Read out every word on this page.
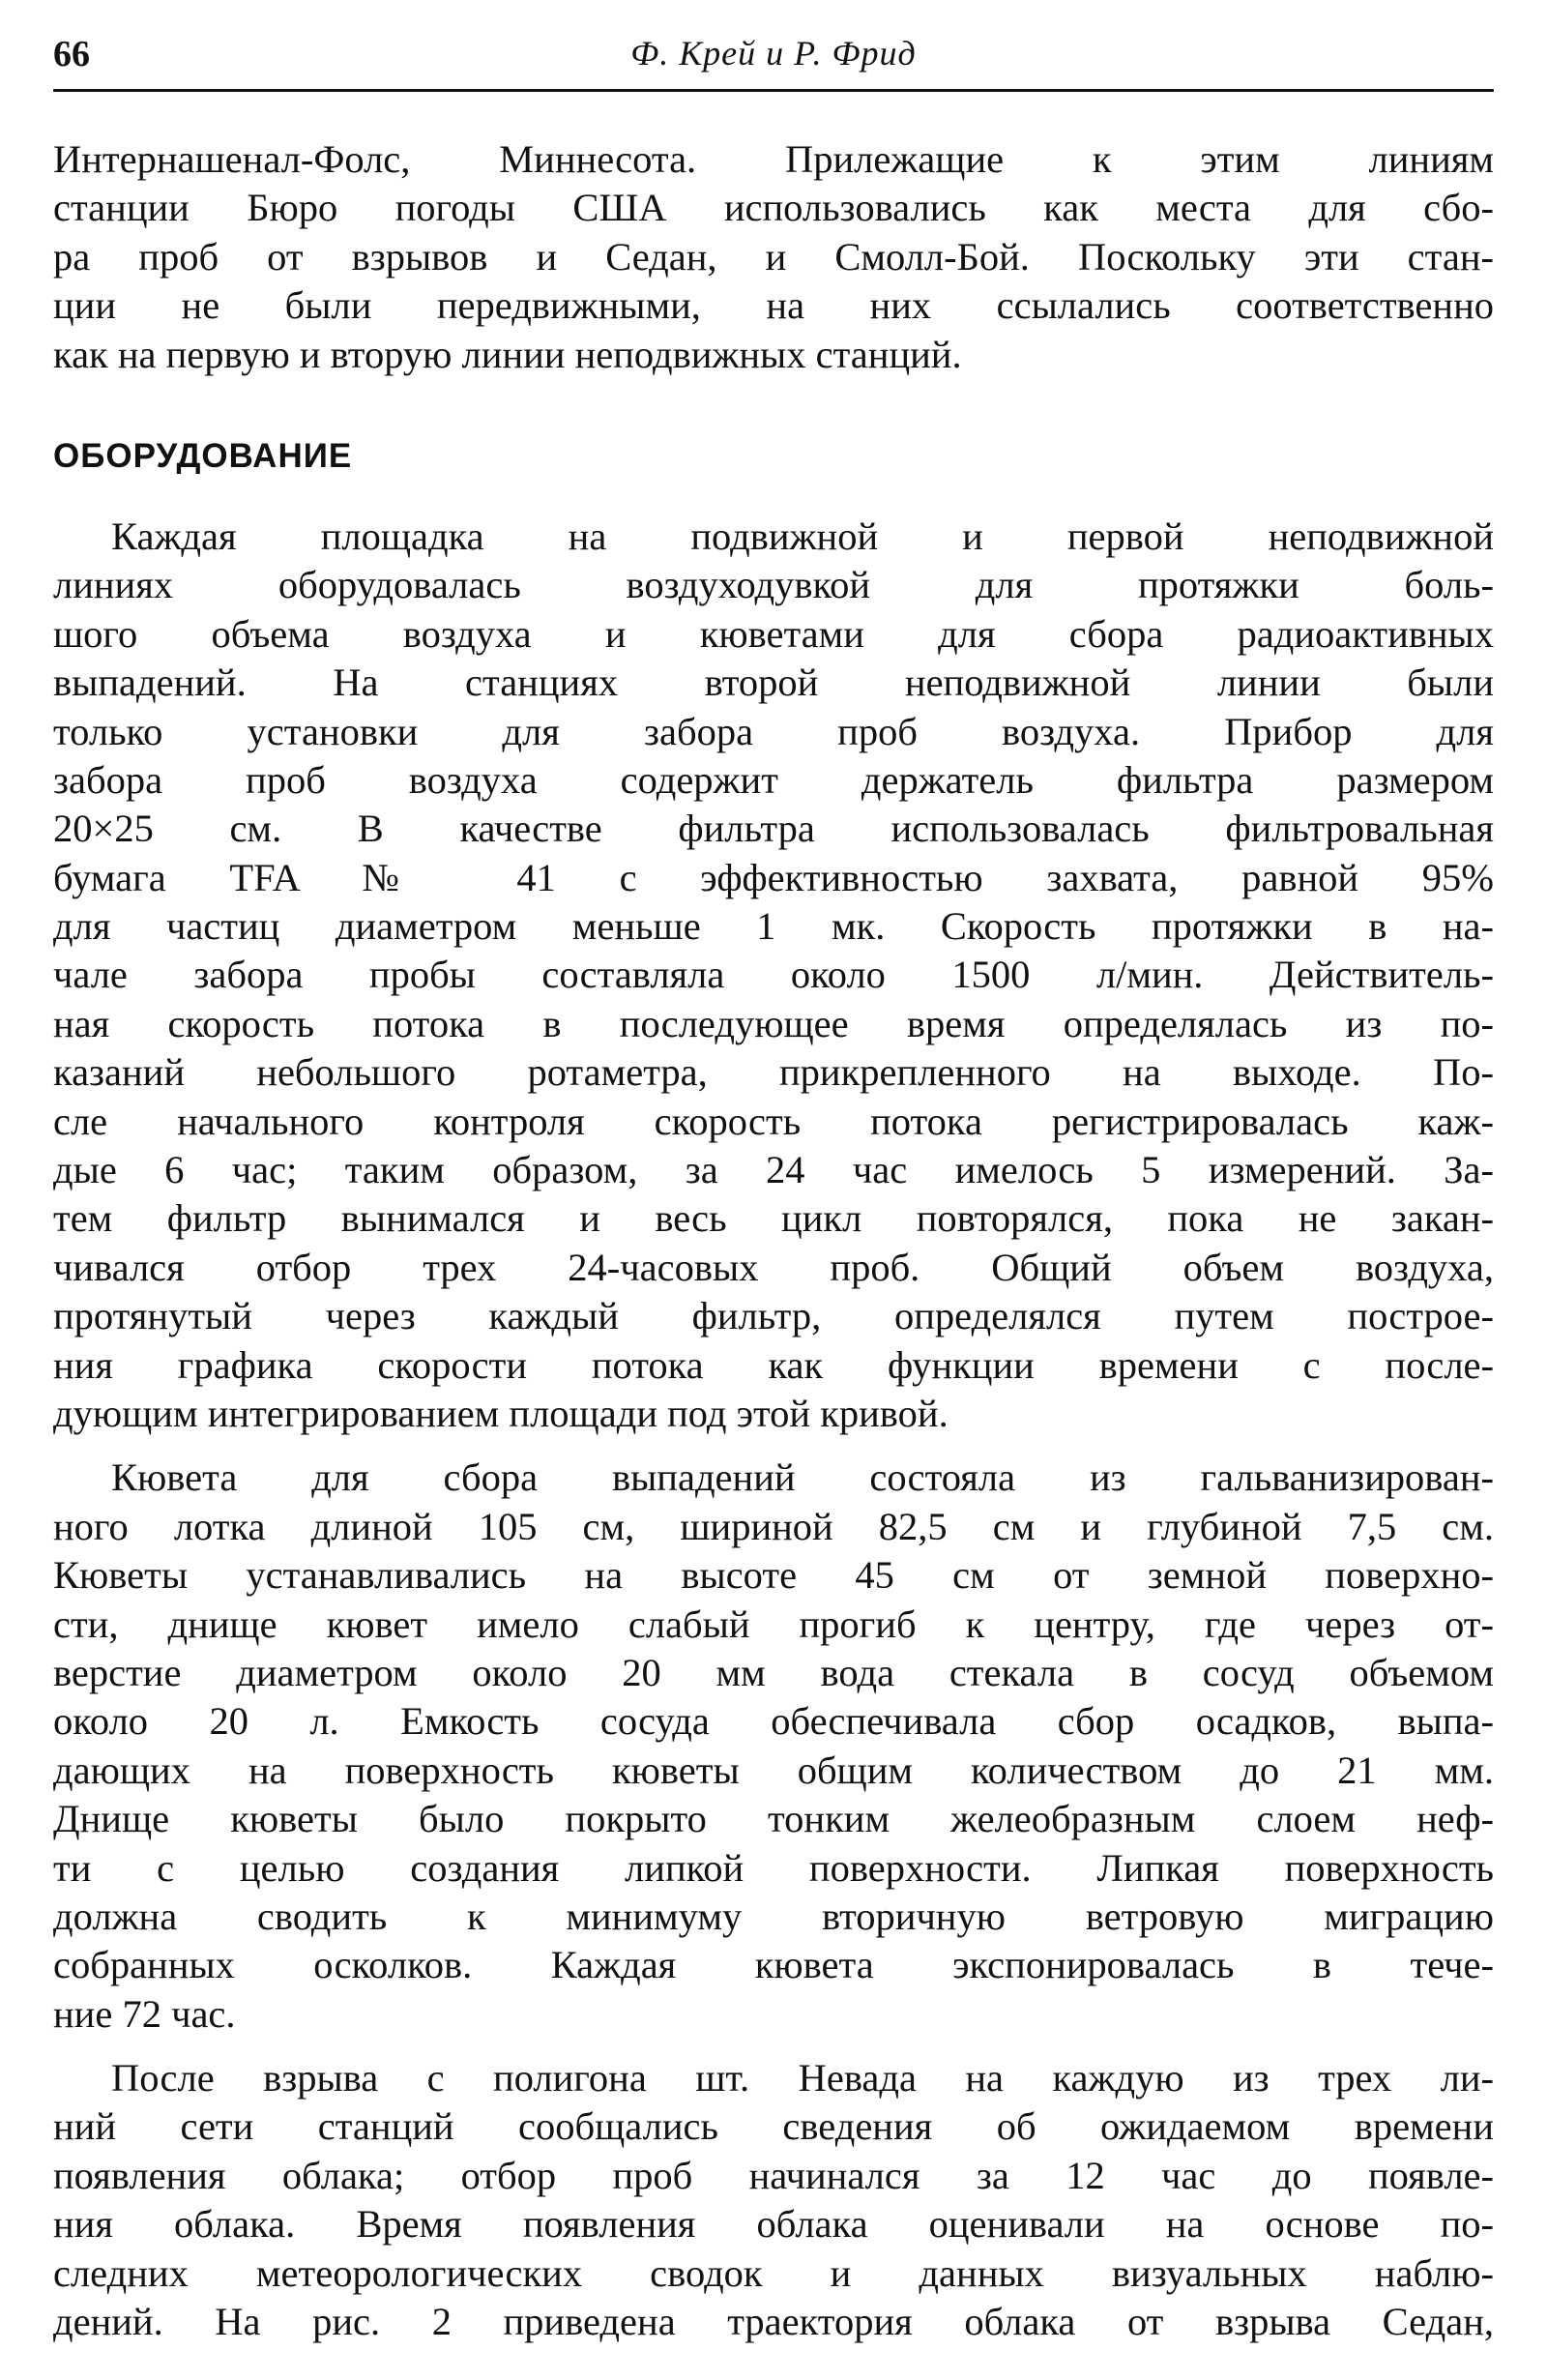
66	Ф. Крей и Р. Фрид
Интернашенал-Фолс, Миннесота. Прилежащие к этим линиям
станции Бюро погоды США использовались как места для сбо-
ра проб от взрывов и Седан, и Смолл-Бой. Поскольку эти стан-
ции не были передвижными, на них ссылались соответственно
как на первую и вторую линии неподвижных станций.
ОБОРУДОВАНИЕ
Каждая площадка на подвижной и первой неподвижной
линиях оборудовалась воздуходувкой для протяжки боль-
шого объема воздуха и кюветами для сбора радиоактивных
выпадений. На станциях второй неподвижной линии были
только установки для забора проб воздуха. Прибор для
забора проб воздуха содержит держатель фильтра размером
20×25 см. В качестве фильтра использовалась фильтровальная
бумага TFA № 41 с эффективностью захвата, равной 95%
для частиц диаметром меньше 1 мк. Скорость протяжки в на-
чале забора пробы составляла около 1500 л/мин. Действитель-
ная скорость потока в последующее время определялась из по-
казаний небольшого ротаметра, прикрепленного на выходе. По-
сле начального контроля скорость потока регистрировалась каж-
дые 6 час; таким образом, за 24 час имелось 5 измерений. За-
тем фильтр вынимался и весь цикл повторялся, пока не закан-
чивался отбор трех 24-часовых проб. Общий объем воздуха,
протянутый через каждый фильтр, определялся путем построе-
ния графика скорости потока как функции времени с после-
дующим интегрированием площади под этой кривой.
Кювета для сбора выпадений состояла из гальванизирован-
ного лотка длиной 105 см, шириной 82,5 см и глубиной 7,5 см.
Кюветы устанавливались на высоте 45 см от земной поверхно-
сти, днище кювет имело слабый прогиб к центру, где через от-
верстие диаметром около 20 мм вода стекала в сосуд объемом
около 20 л. Емкость сосуда обеспечивала сбор осадков, выпа-
дающих на поверхность кюветы общим количеством до 21 мм.
Днище кюветы было покрыто тонким желеобразным слоем неф-
ти с целью создания липкой поверхности. Липкая поверхность
должна сводить к минимуму вторичную ветровую миграцию
собранных осколков. Каждая кювета экспонировалась в тече-
ние 72 час.
После взрыва с полигона шт. Невада на каждую из трех ли-
ний сети станций сообщались сведения об ожидаемом времени
появления облака; отбор проб начинался за 12 час до появле-
ния облака. Время появления облака оценивали на основе по-
следних метеорологических сводок и данных визуальных наблю-
дений. На рис. 2 приведена траектория облака от взрыва Седан,
